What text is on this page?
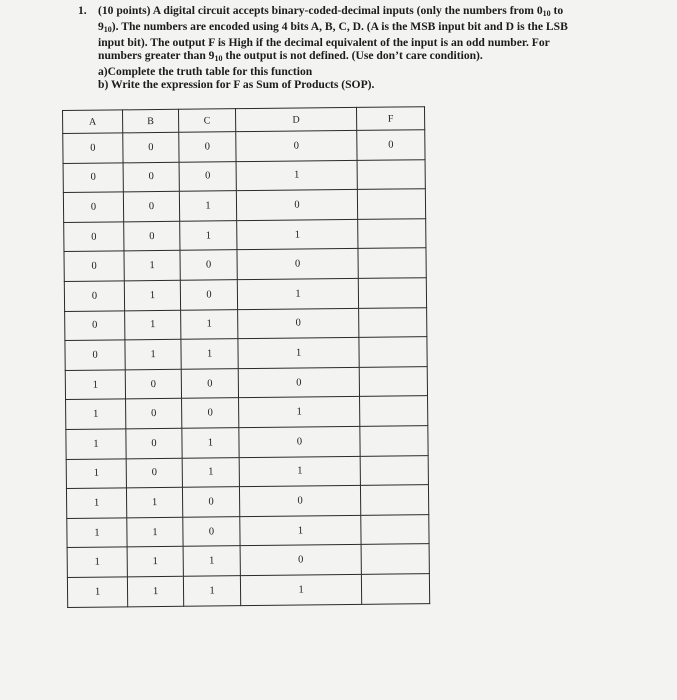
1. (10 points) A digital circuit accepts binary-coded-decimal inputs (only the numbers from $0_{10}$ to
$9_{10}$). The numbers are encoded using 4 bits A, B, C, D. (A is the MSB input bit and D is the LSB
input bit). The output F is High if the decimal equivalent of the input is an odd number. For
numbers greater than $9_{10}$ the output is not defined. (Use don’t care condition).
a)Complete the truth table for this function
b) Write the expression for F as Sum of Products (SOP).
A	B	C	D	F
0	0	0	0	0
0	0	0	1	
0	0	1	0	
0	0	1	1	
0	1	0	0	
0	1	0	1	
0	1	1	0	
0	1	1	1	
1	0	0	0	
1	0	0	1	
1	0	1	0	
1	0	1	1	
1	1	0	0	
1	1	0	1	
1	1	1	0	
1	1	1	1	
